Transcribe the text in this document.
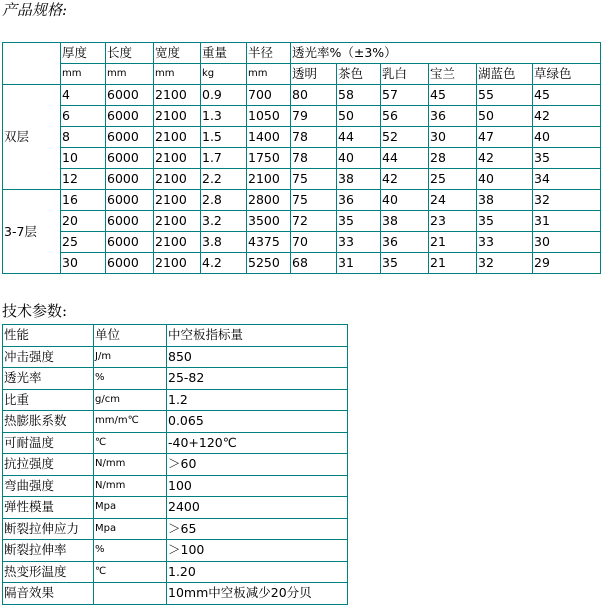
产品规格:
	厚度	长度	宽度	重量	半径	透光率%（±3%）					
	mm	mm	mm	kg	mm	透明	茶色	乳白	宝兰	湖蓝色	草绿色
双层	4	6000	2100	0.9	700	80	58	57	45	55	45
	6	6000	2100	1.3	1050	79	50	56	36	50	42
	8	6000	2100	1.5	1400	78	44	52	30	47	40
	10	6000	2100	1.7	1750	78	40	44	28	42	35
	12	6000	2100	2.2	2100	75	38	42	25	40	34
3-7层	16	6000	2100	2.8	2800	75	36	40	24	38	32
	20	6000	2100	3.2	3500	72	35	38	23	35	31
	25	6000	2100	3.8	4375	70	33	36	21	33	30
	30	6000	2100	4.2	5250	68	31	35	21	32	29
技术参数:
性能	单位	中空板指标量
冲击强度	J/m	850
透光率	%	25-82
比重	g/cm	1.2
热膨胀系数	mm/m℃	0.065
可耐温度	℃	-40+120℃
抗拉强度	N/mm	＞60
弯曲强度	N/mm	100
弹性模量	Mpa	2400
断裂拉伸应力	Mpa	＞65
断裂拉伸率	%	＞100
热变形温度	℃	1.20
隔音效果		10mm中空板减少20分贝
